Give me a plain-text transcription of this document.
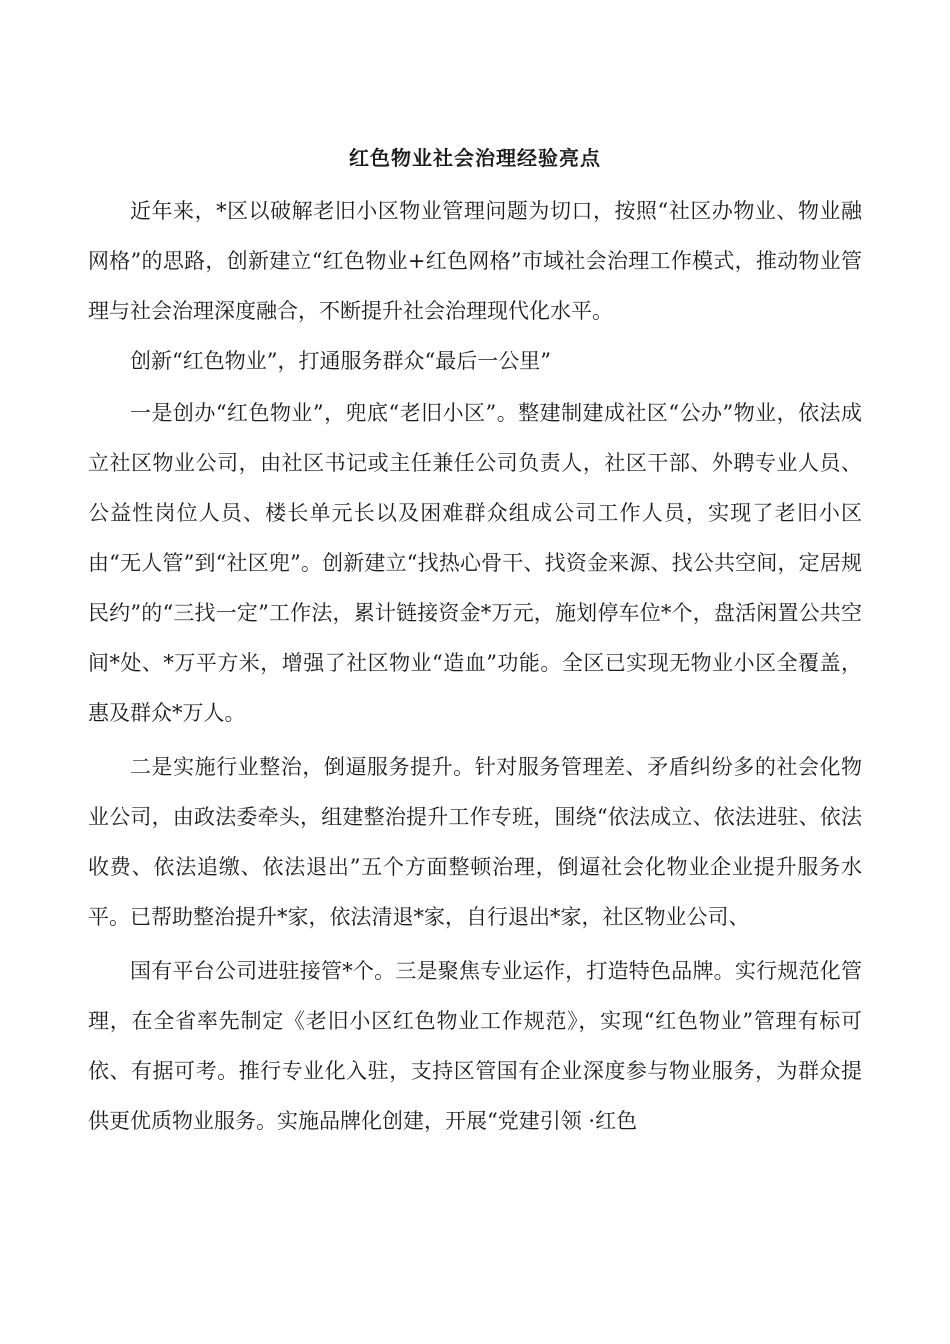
红色物业社会治理经验亮点

近年来，*区以破解老旧小区物业管理问题为切口，按照“社区办物业、物业融网格”的思路，创新建立“红色物业+红色网格”市域社会治理工作模式，推动物业管理与社会治理深度融合，不断提升社会治理现代化水平。

创新“红色物业”，打通服务群众“最后一公里”

一是创办“红色物业”，兜底“老旧小区”。整建制建成社区“公办”物业，依法成立社区物业公司，由社区书记或主任兼任公司负责人，社区干部、外聘专业人员、公益性岗位人员、楼长单元长以及困难群众组成公司工作人员，实现了老旧小区由“无人管”到“社区兜”。创新建立“找热心骨干、找资金来源、找公共空间，定居规民约”的“三找一定”工作法，累计链接资金*万元，施划停车位*个，盘活闲置公共空间*处、*万平方米，增强了社区物业“造血”功能。全区已实现无物业小区全覆盖，惠及群众*万人。

二是实施行业整治，倒逼服务提升。针对服务管理差、矛盾纠纷多的社会化物业公司，由政法委牵头，组建整治提升工作专班，围绕“依法成立、依法进驻、依法收费、依法追缴、依法退出”五个方面整顿治理，倒逼社会化物业企业提升服务水平。已帮助整治提升*家，依法清退*家，自行退出*家，社区物业公司、

国有平台公司进驻接管*个。三是聚焦专业运作，打造特色品牌。实行规范化管理，在全省率先制定《老旧小区红色物业工作规范》，实现“红色物业”管理有标可依、有据可考。推行专业化入驻，支持区管国有企业深度参与物业服务，为群众提供更优质物业服务。实施品牌化创建，开展“党建引领 ·红色
